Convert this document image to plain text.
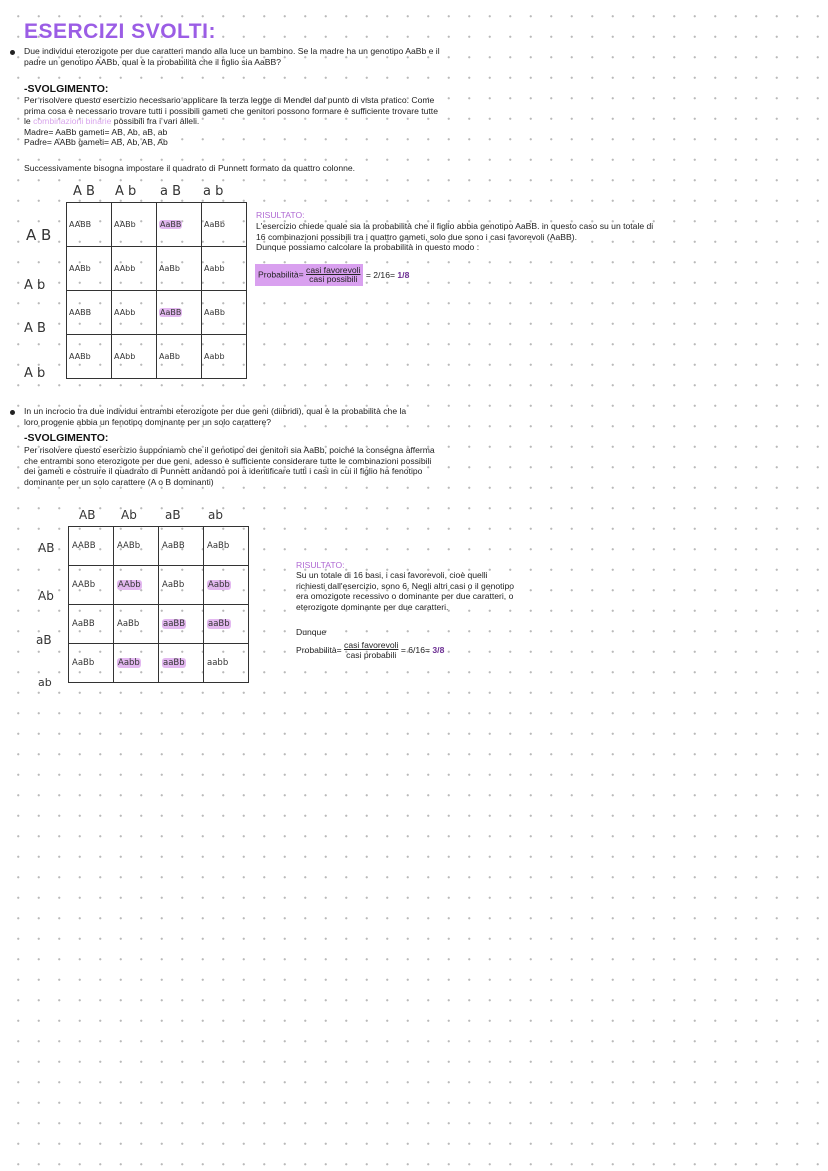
ESERCIZI SVOLTI:

Due individui eterozigote per due caratteri mando alla luce un bambino. Se la madre ha un genotipo AaBb e il

padre un genotipo AABb, qual è la probabilità che il figlio sia AaBB?

-SVOLGIMENTO:

Per risolvere questo esercizio necessario applicare la terza legge di Mendel dal punto di vista pratico. Come

prima cosa è necessario trovare tutti i possibili gameti che genitori possono formare è sufficiente trovare tutte

le combinazioni binarie possibili fra i vari alleli.

Madre= AaBb gameti= AB, Ab, aB, ab

Padre= AABb gameti= AB, Ab, AB, Ab

Successivamente bisogna impostare il quadrato di Punnett formato da quattro colonne.
A B A b a B a b
A B
A b
A B
A b
AABB	AABb	AaBB	AaBb
AABb	AAbb	AaBb	Aabb
AABB	AAbb	AaBB	AaBb
AABb	AAbb	AaBb	Aabb
RISULTATO:

L'esercizio chiede quale sia la probabilità che il figlio abbia genotipo AaBB. in questo caso su un totale di

16 combinazioni possibili tra i quattro gameti, solo due sono i casi favorevoli (AaBB).

Dunque possiamo calcolare la probabilità in questo modo :

Probabilità= $\frac{\text{casi favorevoli}}{\text{casi possibili}} = 2/16= 1/8$

In un incrocio tra due individui entrambi eterozigote per due geni (diibridi), qual è la probabilità che la

loro progenie abbia un fenotipo dominante per un solo carattere?

-SVOLGIMENTO:

Per risolvere questo esercizio supponiamo che il genotipo dei genitori sia AaBb, poiché la consegna afferma

che entrambi sono eterozigote per due geni, adesso è sufficiente considerare tutte le combinazioni possibili

dei gameti e costruire il quadrato di Punnett andando poi a identificare tutti i casi in cui il figlio ha fenotipo

dominante per un solo carattere (A o B dominanti)

AB Ab aB ab
AB
Ab
aB
ab
AABB	AABb	AaBB	AaBb
AABb	AAbb	AaBb	Aabb
AaBB	AaBb	aaBB	aaBb
AaBb	Aabb	aaBb	aabb
RISULTATO:

Su un totale di 16 basi, i casi favorevoli, cioè quelli

richiesti dall'esercizio, sono 6. Negli altri casi o il genotipo

era omozigote recessivo o dominante per due caratteri, o

eterozigote dominante per due caratteri.

Dunque
Probabilità= $\frac{\text{casi favorevoli}}{\text{casi probabili}} = 6/16= 3/8$
